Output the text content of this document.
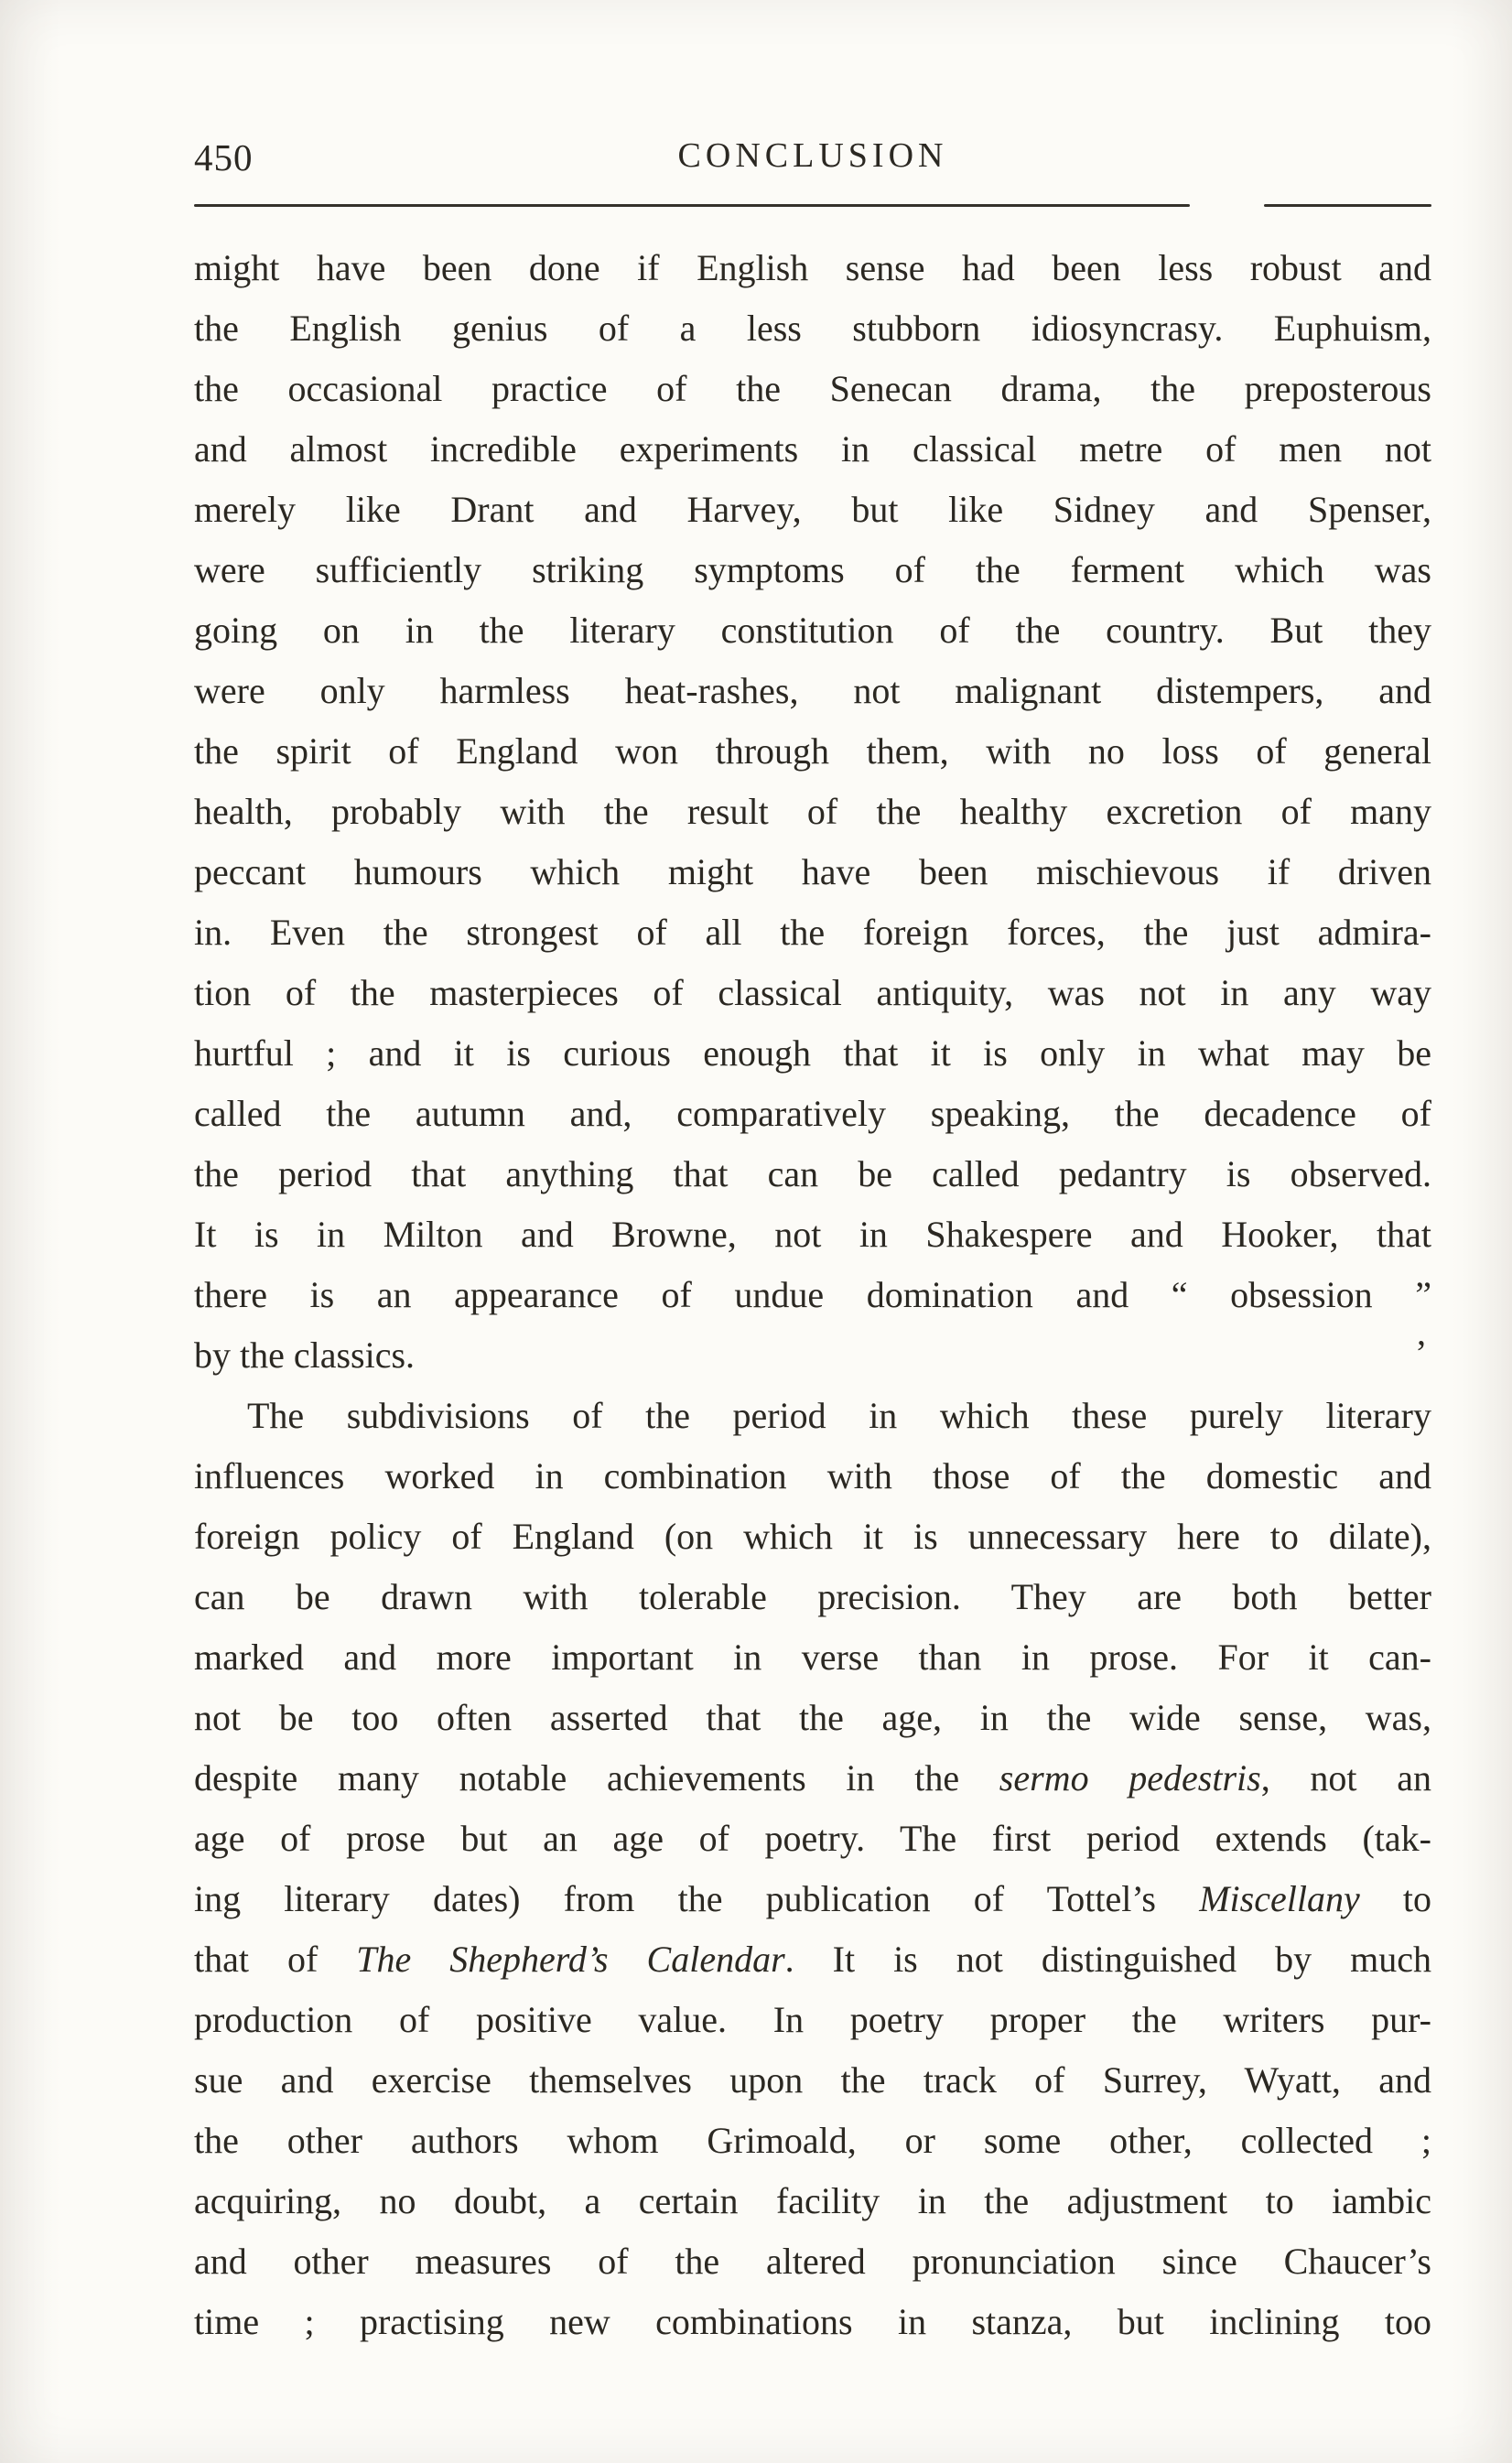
450	CONCLUSION
might have been done if English sense had been less robust and
the English genius of a less stubborn idiosyncrasy. Euphuism,
the occasional practice of the Senecan drama, the preposterous
and almost incredible experiments in classical metre of men not
merely like Drant and Harvey, but like Sidney and Spenser,
were sufficiently striking symptoms of the ferment which was
going on in the literary constitution of the country. But they
were only harmless heat-rashes, not malignant distempers, and
the spirit of England won through them, with no loss of general
health, probably with the result of the healthy excretion of many
peccant humours which might have been mischievous if driven
in. Even the strongest of all the foreign forces, the just admira-
tion of the masterpieces of classical antiquity, was not in any way
hurtful ; and it is curious enough that it is only in what may be
called the autumn and, comparatively speaking, the decadence of
the period that anything that can be called pedantry is observed.
It is in Milton and Browne, not in Shakespere and Hooker, that
there is an appearance of undue domination and “ obsession ”
by the classics.
The subdivisions of the period in which these purely literary
influences worked in combination with those of the domestic and
foreign policy of England (on which it is unnecessary here to dilate),
can be drawn with tolerable precision. They are both better
marked and more important in verse than in prose. For it can-
not be too often asserted that the age, in the wide sense, was,
despite many notable achievements in the sermo pedestris, not an
age of prose but an age of poetry. The first period extends (tak-
ing literary dates) from the publication of Tottel’s Miscellany to
that of The Shepherd’s Calendar. It is not distinguished by much
production of positive value. In poetry proper the writers pur-
sue and exercise themselves upon the track of Surrey, Wyatt, and
the other authors whom Grimoald, or some other, collected ;
acquiring, no doubt, a certain facility in the adjustment to iambic
and other measures of the altered pronunciation since Chaucer’s
time ; practising new combinations in stanza, but inclining too
,
